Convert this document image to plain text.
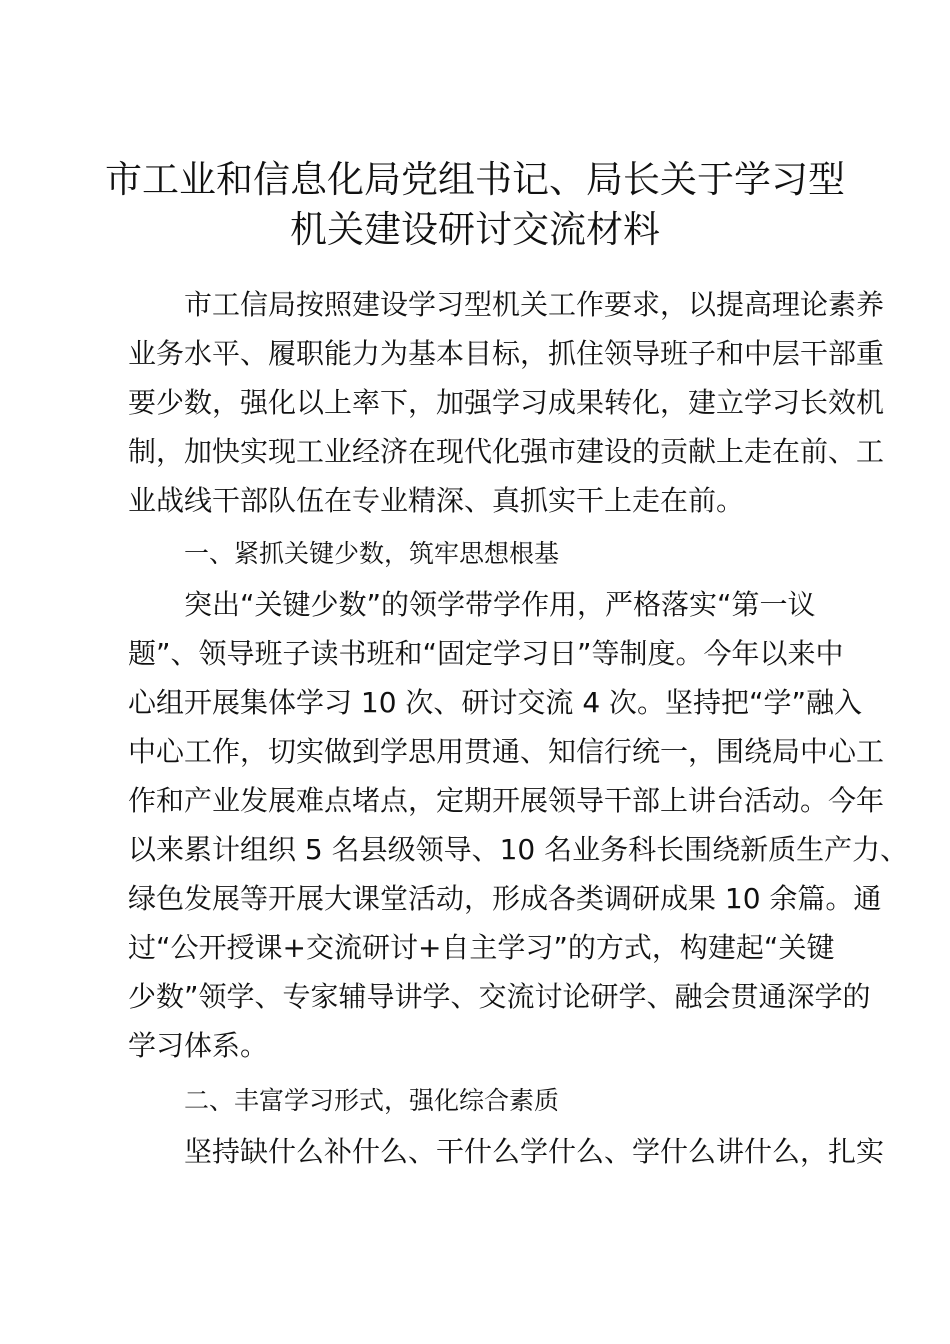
市工业和信息化局党组书记、局长关于学习型
机关建设研讨交流材料

市工信局按照建设学习型机关工作要求，以提高理论素养

业务水平、履职能力为基本目标，抓住领导班子和中层干部重

要少数，强化以上率下，加强学习成果转化，建立学习长效机

制，加快实现工业经济在现代化强市建设的贡献上走在前、工

业战线干部队伍在专业精深、真抓实干上走在前。

一、紧抓关键少数，筑牢思想根基

突出“关键少数”的领学带学作用，严格落实“第一议

题”、领导班子读书班和“固定学习日”等制度。今年以来中

心组开展集体学习 10 次、研讨交流 4 次。坚持把“学”融入

中心工作，切实做到学思用贯通、知信行统一，围绕局中心工

作和产业发展难点堵点，定期开展领导干部上讲台活动。今年

以来累计组织 5 名县级领导、10 名业务科长围绕新质生产力、

绿色发展等开展大课堂活动，形成各类调研成果 10 余篇。通

过“公开授课+交流研讨+自主学习”的方式，构建起“关键

少数”领学、专家辅导讲学、交流讨论研学、融会贯通深学的

学习体系。

二、丰富学习形式，强化综合素质

坚持缺什么补什么、干什么学什么、学什么讲什么，扎实
